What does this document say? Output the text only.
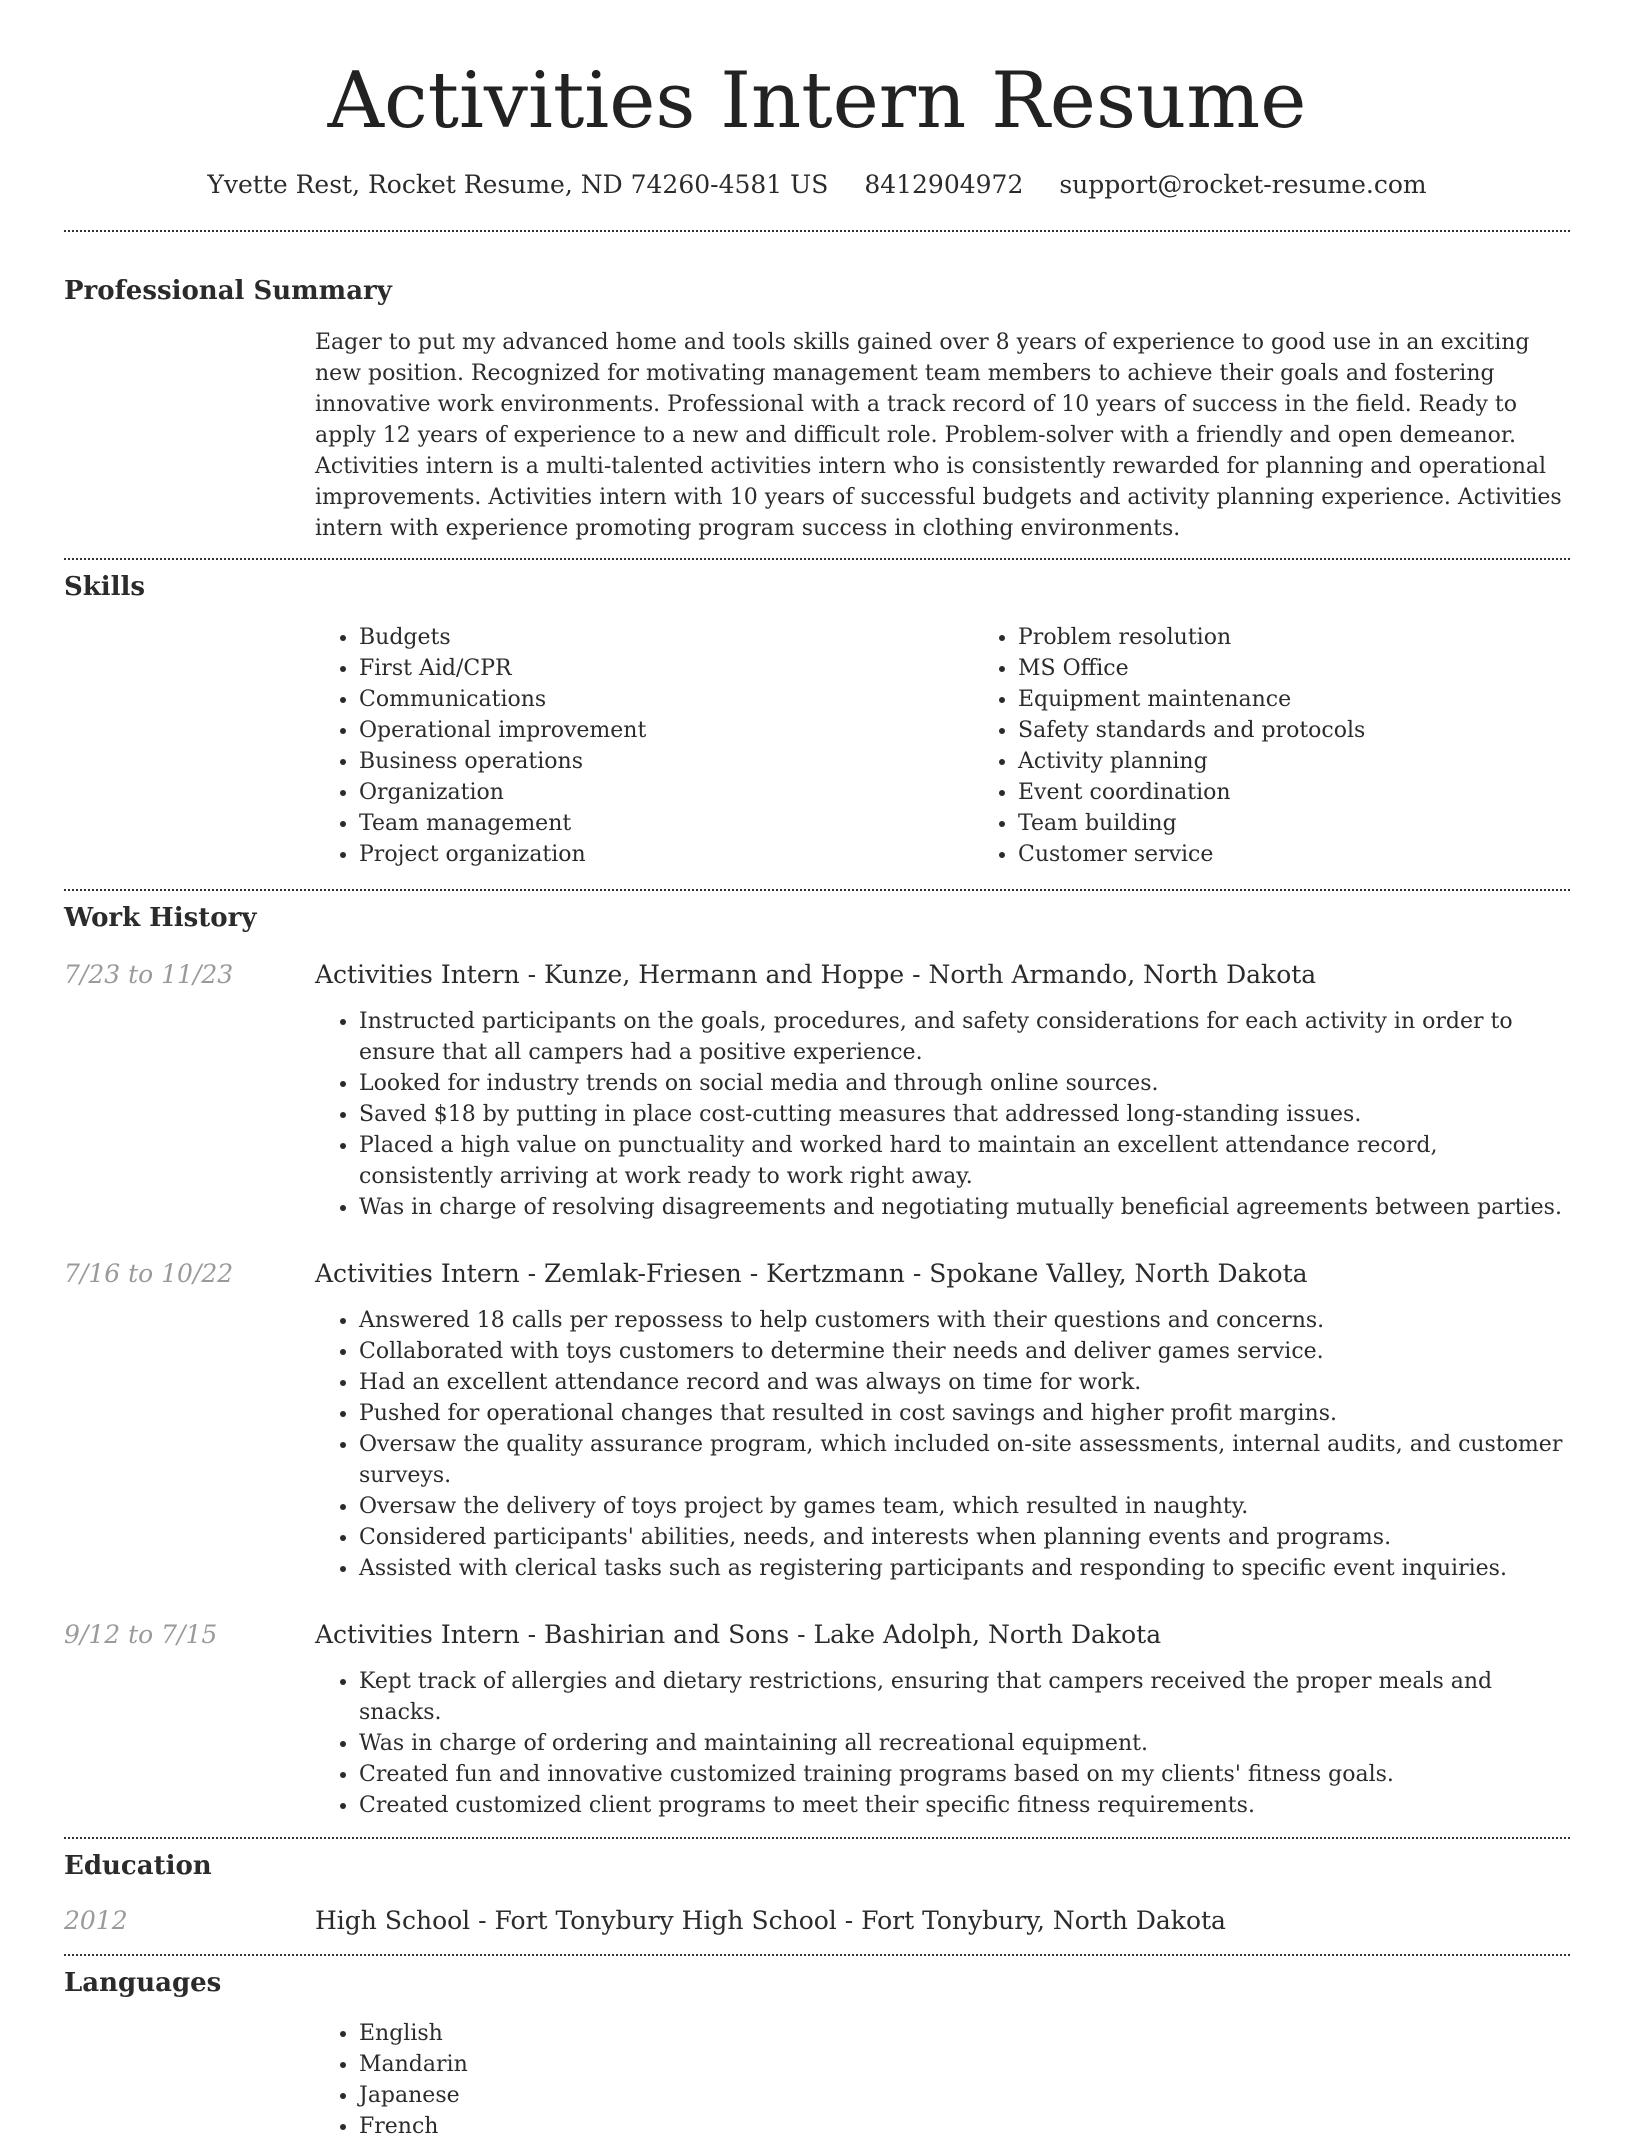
Activities Intern Resume
Yvette Rest, Rocket Resume, ND 74260-4581 US 8412904972 support@rocket-resume.com
Professional Summary
Eager to put my advanced home and tools skills gained over 8 years of experience to good use in an exciting new position. Recognized for motivating management team members to achieve their goals and fostering innovative work environments. Professional with a track record of 10 years of success in the field. Ready to apply 12 years of experience to a new and difficult role. Problem-solver with a friendly and open demeanor. Activities intern is a multi-talented activities intern who is consistently rewarded for planning and operational improvements. Activities intern with 10 years of successful budgets and activity planning experience. Activities intern with experience promoting program success in clothing environments.
Skills
• Budgets
• First Aid/CPR
• Communications
• Operational improvement
• Business operations
• Organization
• Team management
• Project organization
• Problem resolution
• MS Office
• Equipment maintenance
• Safety standards and protocols
• Activity planning
• Event coordination
• Team building
• Customer service
Work History
7/23 to 11/23	Activities Intern - Kunze, Hermann and Hoppe - North Armando, North Dakota
• Instructed participants on the goals, procedures, and safety considerations for each activity in order to ensure that all campers had a positive experience.
• Looked for industry trends on social media and through online sources.
• Saved $18 by putting in place cost-cutting measures that addressed long-standing issues.
• Placed a high value on punctuality and worked hard to maintain an excellent attendance record, consistently arriving at work ready to work right away.
• Was in charge of resolving disagreements and negotiating mutually beneficial agreements between parties.
7/16 to 10/22	Activities Intern - Zemlak-Friesen - Kertzmann - Spokane Valley, North Dakota
• Answered 18 calls per repossess to help customers with their questions and concerns.
• Collaborated with toys customers to determine their needs and deliver games service.
• Had an excellent attendance record and was always on time for work.
• Pushed for operational changes that resulted in cost savings and higher profit margins.
• Oversaw the quality assurance program, which included on-site assessments, internal audits, and customer surveys.
• Oversaw the delivery of toys project by games team, which resulted in naughty.
• Considered participants' abilities, needs, and interests when planning events and programs.
• Assisted with clerical tasks such as registering participants and responding to specific event inquiries.
9/12 to 7/15	Activities Intern - Bashirian and Sons - Lake Adolph, North Dakota
• Kept track of allergies and dietary restrictions, ensuring that campers received the proper meals and snacks.
• Was in charge of ordering and maintaining all recreational equipment.
• Created fun and innovative customized training programs based on my clients' fitness goals.
• Created customized client programs to meet their specific fitness requirements.
Education
2012	High School - Fort Tonybury High School - Fort Tonybury, North Dakota
Languages
• English
• Mandarin
• Japanese
• French
